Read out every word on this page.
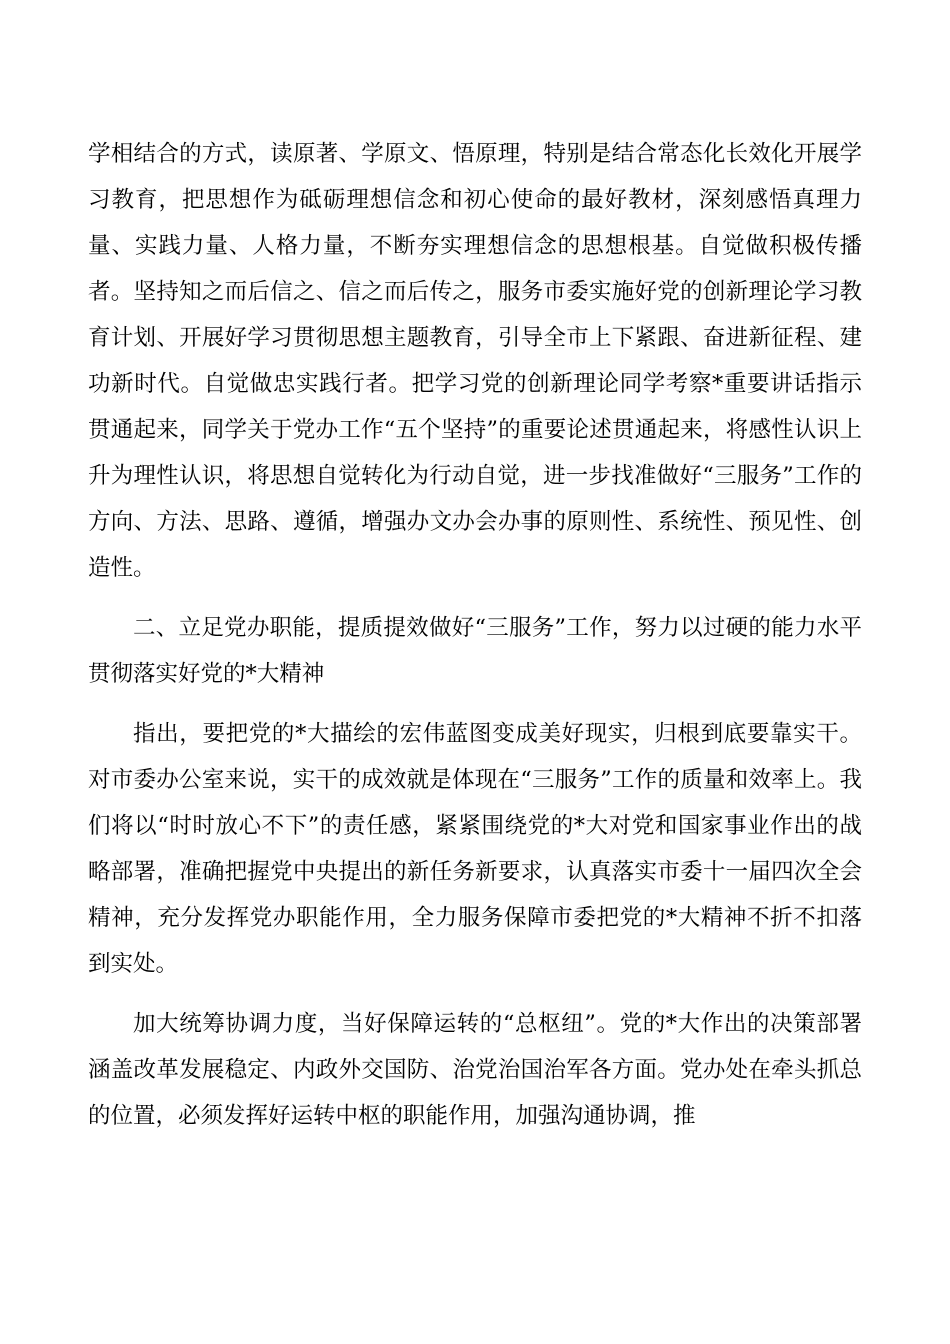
学相结合的方式，读原著、学原文、悟原理，特别是结合常态化长效化开展学习教育，把思想作为砥砺理想信念和初心使命的最好教材，深刻感悟真理力量、实践力量、人格力量，不断夯实理想信念的思想根基。自觉做积极传播者。坚持知之而后信之、信之而后传之，服务市委实施好党的创新理论学习教育计划、开展好学习贯彻思想主题教育，引导全市上下紧跟、奋进新征程、建功新时代。自觉做忠实践行者。把学习党的创新理论同学考察*重要讲话指示贯通起来，同学关于党办工作“五个坚持”的重要论述贯通起来，将感性认识上升为理性认识，将思想自觉转化为行动自觉，进一步找准做好“三服务”工作的方向、方法、思路、遵循，增强办文办会办事的原则性、系统性、预见性、创造性。

二、立足党办职能，提质提效做好“三服务”工作，努力以过硬的能力水平贯彻落实好党的*大精神

指出，要把党的*大描绘的宏伟蓝图变成美好现实，归根到底要靠实干。对市委办公室来说，实干的成效就是体现在“三服务”工作的质量和效率上。我们将以“时时放心不下”的责任感，紧紧围绕党的*大对党和国家事业作出的战略部署，准确把握党中央提出的新任务新要求，认真落实市委十一届四次全会精神，充分发挥党办职能作用，全力服务保障市委把党的*大精神不折不扣落到实处。

加大统筹协调力度，当好保障运转的“总枢纽”。党的*大作出的决策部署涵盖改革发展稳定、内政外交国防、治党治国治军各方面。党办处在牵头抓总的位置，必须发挥好运转中枢的职能作用，加强沟通协调，推
